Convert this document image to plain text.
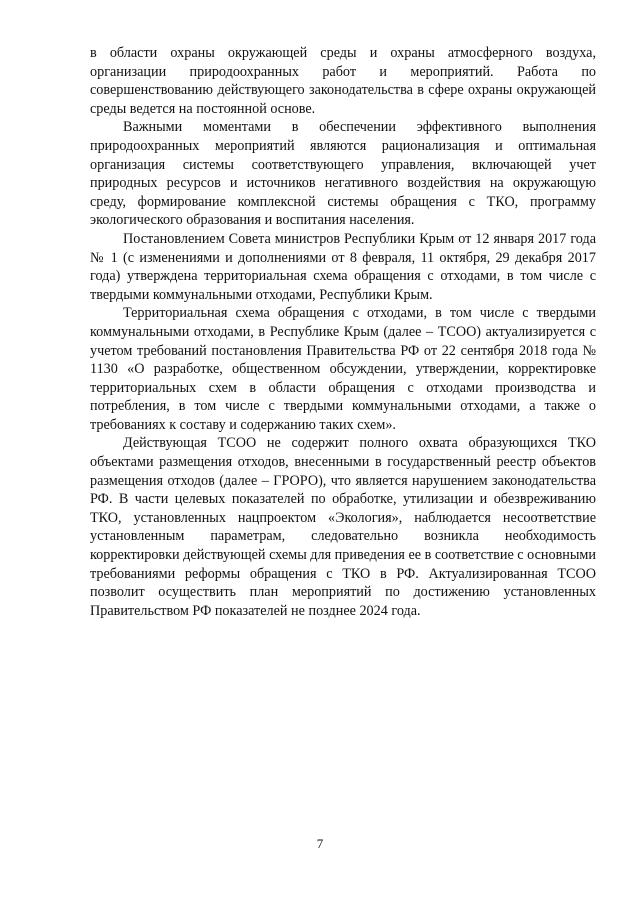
в области охраны окружающей среды и охраны атмосферного воздуха, организации природоохранных работ и мероприятий. Работа по совершенствованию действующего законодательства в сфере охраны окружающей среды ведется на постоянной основе.

Важными моментами в обеспечении эффективного выполнения природоохранных мероприятий являются рационализация и оптимальная организация системы соответствующего управления, включающей учет природных ресурсов и источников негативного воздействия на окружающую среду, формирование комплексной системы обращения с ТКО, программу экологического образования и воспитания населения.

Постановлением Совета министров Республики Крым от 12 января 2017 года № 1 (с изменениями и дополнениями от 8 февраля, 11 октября, 29 декабря 2017 года) утверждена территориальная схема обращения с отходами, в том числе с твердыми коммунальными отходами, Республики Крым.

Территориальная схема обращения с отходами, в том числе с твердыми коммунальными отходами, в Республике Крым (далее – ТСОО) актуализируется с учетом требований постановления Правительства РФ от 22 сентября 2018 года № 1130 «О разработке, общественном обсуждении, утверждении, корректировке территориальных схем в области обращения с отходами производства и потребления, в том числе с твердыми коммунальными отходами, а также о требованиях к составу и содержанию таких схем».

Действующая ТСОО не содержит полного охвата образующихся ТКО объектами размещения отходов, внесенными в государственный реестр объектов размещения отходов (далее – ГРОРО), что является нарушением законодательства РФ. В части целевых показателей по обработке, утилизации и обезвреживанию ТКО, установленных нацпроектом «Экология», наблюдается несоответствие установленным параметрам, следовательно возникла необходимость корректировки действующей схемы для приведения ее в соответствие с основными требованиями реформы обращения с ТКО в РФ. Актуализированная ТСОО позволит осуществить план мероприятий по достижению установленных Правительством РФ показателей не позднее 2024 года.

7
